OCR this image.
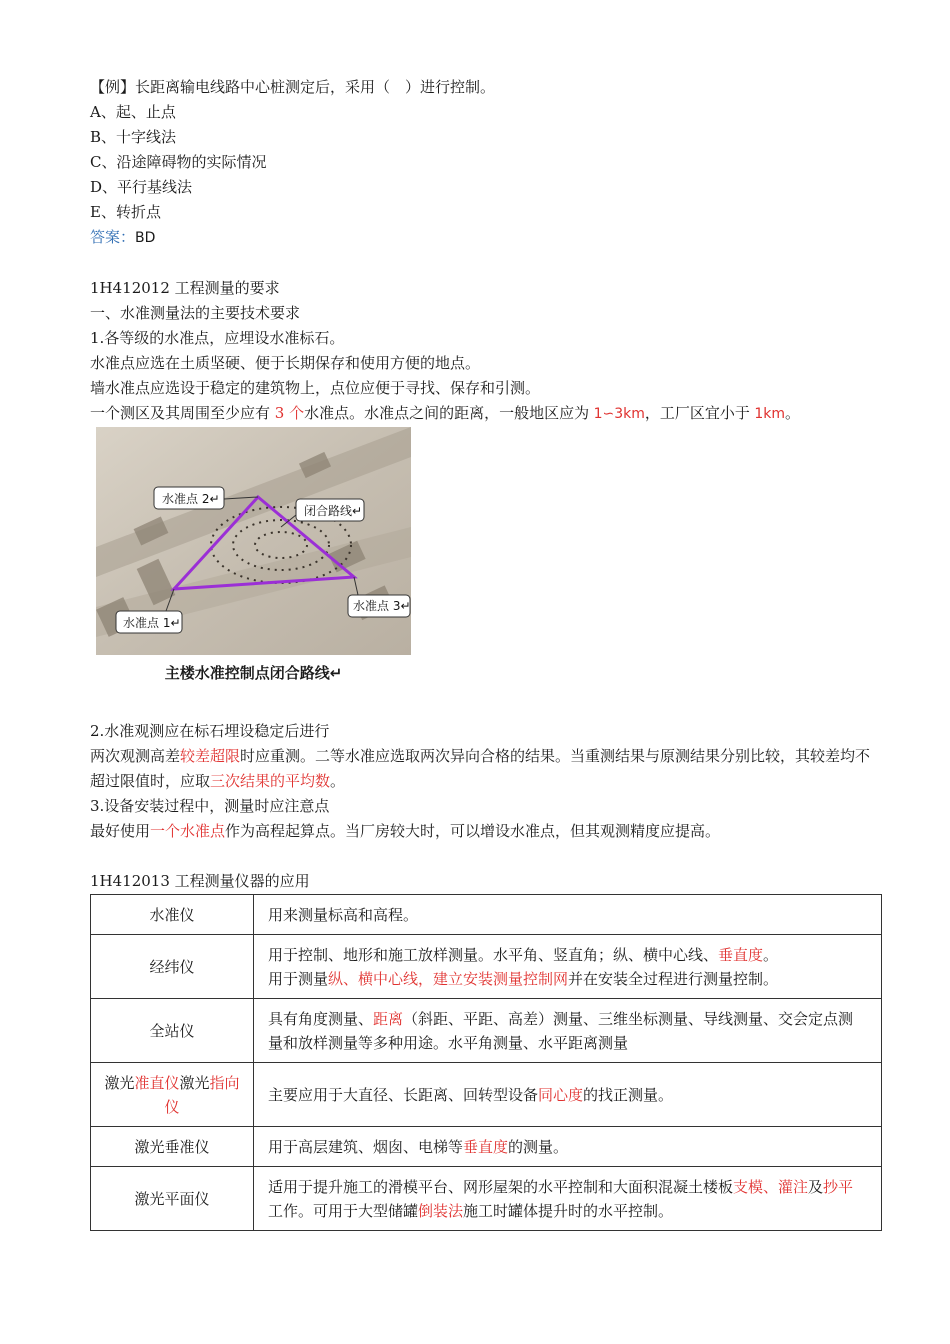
【例】长距离输电线路中心桩测定后，采用（　）进行控制。
A、起、止点
B、十字线法
C、沿途障碍物的实际情况
D、平行基线法
E、转折点
答案：BD
1H412012 工程测量的要求
一、水准测量法的主要技术要求
1.各等级的水准点，应埋设水准标石。
水准点应选在土质坚硬、便于长期保存和使用方便的地点。
墙水准点应选设于稳定的建筑物上，点位应便于寻找、保存和引测。
一个测区及其周围至少应有 3 个水准点。水准点之间的距离，一般地区应为 1∽3km，工厂区宜小于 1km。
水准点 2↵
闭合路线↵
水准点 3↵
水准点 1↵
主楼水准控制点闭合路线↵
2.水准观测应在标石埋设稳定后进行
两次观测高差较差超限时应重测。二等水准应选取两次异向合格的结果。当重测结果与原测结果分别比较，其较差均不超过限值时，应取三次结果的平均数。
3.设备安装过程中，测量时应注意点
最好使用一个水准点作为高程起算点。当厂房较大时，可以增设水准点，但其观测精度应提高。
1H412013 工程测量仪器的应用
水准仪	用来测量标高和高程。

经纬仪	用于控制、地形和施工放样测量。水平角、竖直角；纵、横中心线、垂直度。
用于测量纵、横中心线，建立安装测量控制网并在安装全过程进行测量控制。

全站仪	具有角度测量、距离（斜距、平距、高差）测量、三维坐标测量、导线测量、交会定点测量和放样测量等多种用途。水平角测量、水平距离测量

激光准直仪激光指向仪	主要应用于大直径、长距离、回转型设备同心度的找正测量。

激光垂准仪	用于高层建筑、烟囱、电梯等垂直度的测量。

激光平面仪	适用于提升施工的滑模平台、网形屋架的水平控制和大面积混凝土楼板支模、灌注及抄平工作。可用于大型储罐倒装法施工时罐体提升时的水平控制。
